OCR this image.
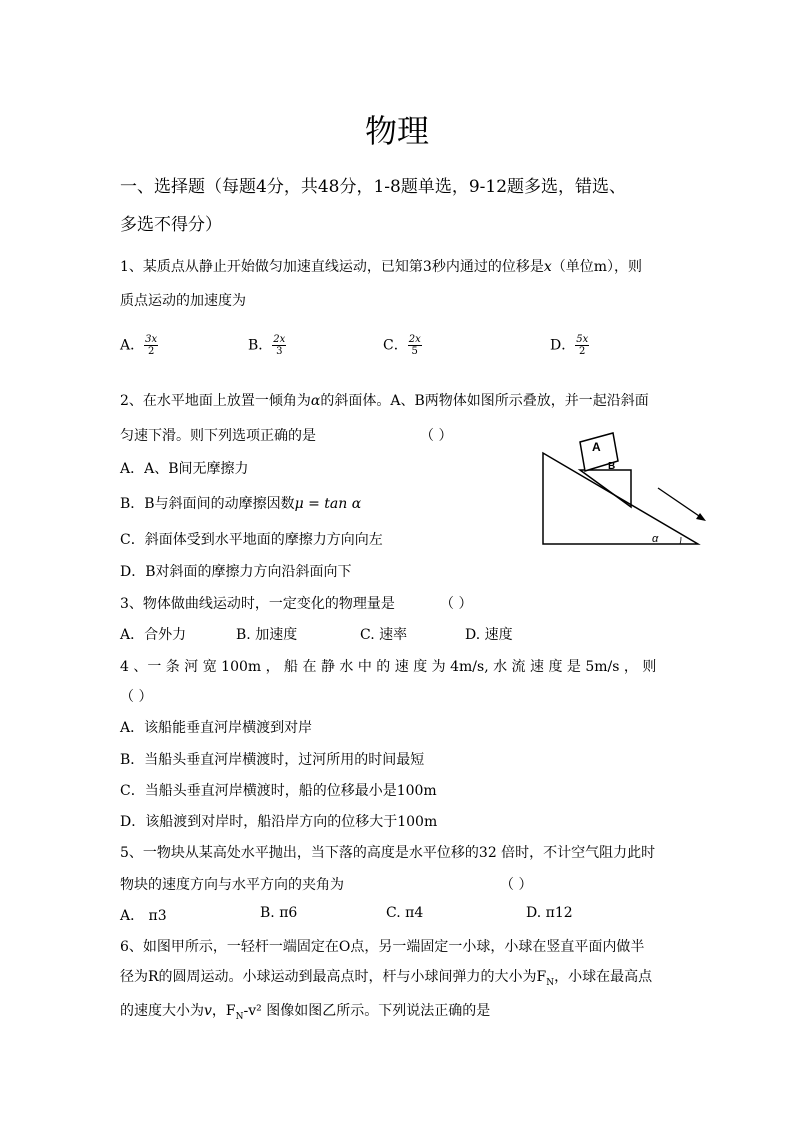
物理
一、选择题（每题4分，共48分，1-8题单选，9-12题多选，错选、
多选不得分）
1、某质点从静止开始做匀加速直线运动，已知第3秒内通过的位移是x（单位m），则
质点运动的加速度为
A． $\frac{3x}{2}$	B． $\frac{2x}{3}$	C． $\frac{2x}{5}$	D． $\frac{5x}{2}$
2、在水平地面上放置一倾角为α的斜面体。A、B两物体如图所示叠放，并一起沿斜面
匀速下滑。则下列选项正确的是	（ ）
A．A、B间无摩擦力
B．B与斜面间的动摩擦因数μ = tan α
C．斜面体受到水平地面的摩擦力方向向左
D．B对斜面的摩擦力方向沿斜面向下
A
B
α
3、物体做曲线运动时，一定变化的物理量是	（ ）
A．合外力	B. 加速度	C. 速率	D. 速度
4 、一 条 河 宽 100m ， 船 在 静 水 中 的 速 度 为 4m/s, 水 流 速 度 是 5m/s ， 则
（ ）
A．该船能垂直河岸横渡到对岸
B．当船头垂直河岸横渡时，过河所用的时间最短
C．当船头垂直河岸横渡时，船的位移最小是100m
D．该船渡到对岸时，船沿岸方向的位移大于100m
5、一物块从某高处水平抛出，当下落的高度是水平位移的32 倍时，不计空气阻力此时
物块的速度方向与水平方向的夹角为	（ ）
A． π3	B. π6	C. π4	D. π12
6、如图甲所示，一轻杆一端固定在O点，另一端固定一小球，小球在竖直平面内做半
径为R的圆周运动。小球运动到最高点时，杆与小球间弹力的大小为$F_N$，小球在最高点
的速度大小为v，$F_N-v^2$ 图像如图乙所示。下列说法正确的是
